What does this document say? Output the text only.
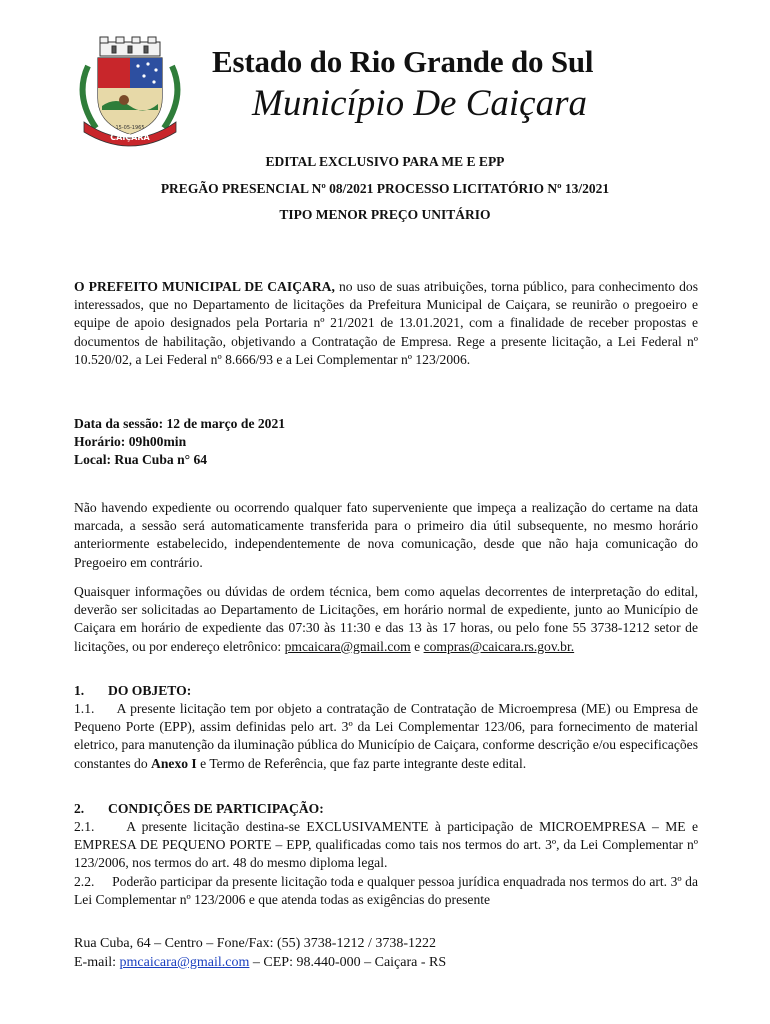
CAIÇARA
15-05-1965
Estado do Rio Grande do Sul
Município De Caiçara
EDITAL EXCLUSIVO PARA ME E EPP
PREGÃO PRESENCIAL Nº 08/2021 PROCESSO LICITATÓRIO Nº 13/2021
TIPO MENOR PREÇO UNITÁRIO

O PREFEITO MUNICIPAL DE CAIÇARA, no uso de suas atribuições, torna público, para conhecimento dos interessados, que no Departamento de licitações da Prefeitura Municipal de Caiçara, se reunirão o pregoeiro e equipe de apoio designados pela Portaria nº 21/2021 de 13.01.2021, com a finalidade de receber propostas e documentos de habilitação, objetivando a Contratação de Empresa. Rege a presente licitação, a Lei Federal nº 10.520/02, a Lei Federal nº 8.666/93 e a Lei Complementar nº 123/2006.

Data da sessão: 12 de março de 2021
Horário: 09h00min
Local: Rua Cuba n° 64

Não havendo expediente ou ocorrendo qualquer fato superveniente que impeça a realização do certame na data marcada, a sessão será automaticamente transferida para o primeiro dia útil subsequente, no mesmo horário anteriormente estabelecido, independentemente de nova comunicação, desde que não haja comunicação do Pregoeiro em contrário.

Quaisquer informações ou dúvidas de ordem técnica, bem como aquelas decorrentes de interpretação do edital, deverão ser solicitadas ao Departamento de Licitações, em horário normal de expediente, junto ao Município de Caiçara em horário de expediente das 07:30 às 11:30 e das 13 às 17 horas, ou pelo fone 55 3738-1212 setor de licitações, ou por endereço eletrônico: pmcaicara@gmail.com e compras@caicara.rs.gov.br.

1. DO OBJETO:

1.1.     A presente licitação tem por objeto a contratação de Contratação de Microempresa (ME) ou Empresa de Pequeno Porte (EPP), assim definidas pelo art. 3º da Lei Complementar 123/06, para fornecimento de material eletrico, para manutenção da iluminação pública do Município de Caiçara, conforme descrição e/ou especificações constantes do Anexo I e Termo de Referência, que faz parte integrante deste edital.

2. CONDIÇÕES DE PARTICIPAÇÃO:

2.1.     A presente licitação destina-se EXCLUSIVAMENTE à participação de MICROEMPRESA – ME e EMPRESA DE PEQUENO PORTE – EPP, qualificadas como tais nos termos do art. 3º, da Lei Complementar nº 123/2006, nos termos do art. 48 do mesmo diploma legal.

2.2.     Poderão participar da presente licitação toda e qualquer pessoa jurídica enquadrada nos termos do art. 3º da Lei Complementar nº 123/2006 e que atenda todas as exigências do presente

Rua Cuba, 64 – Centro – Fone/Fax: (55) 3738-1212 / 3738-1222
E-mail: pmcaicara@gmail.com – CEP: 98.440-000 – Caiçara - RS
